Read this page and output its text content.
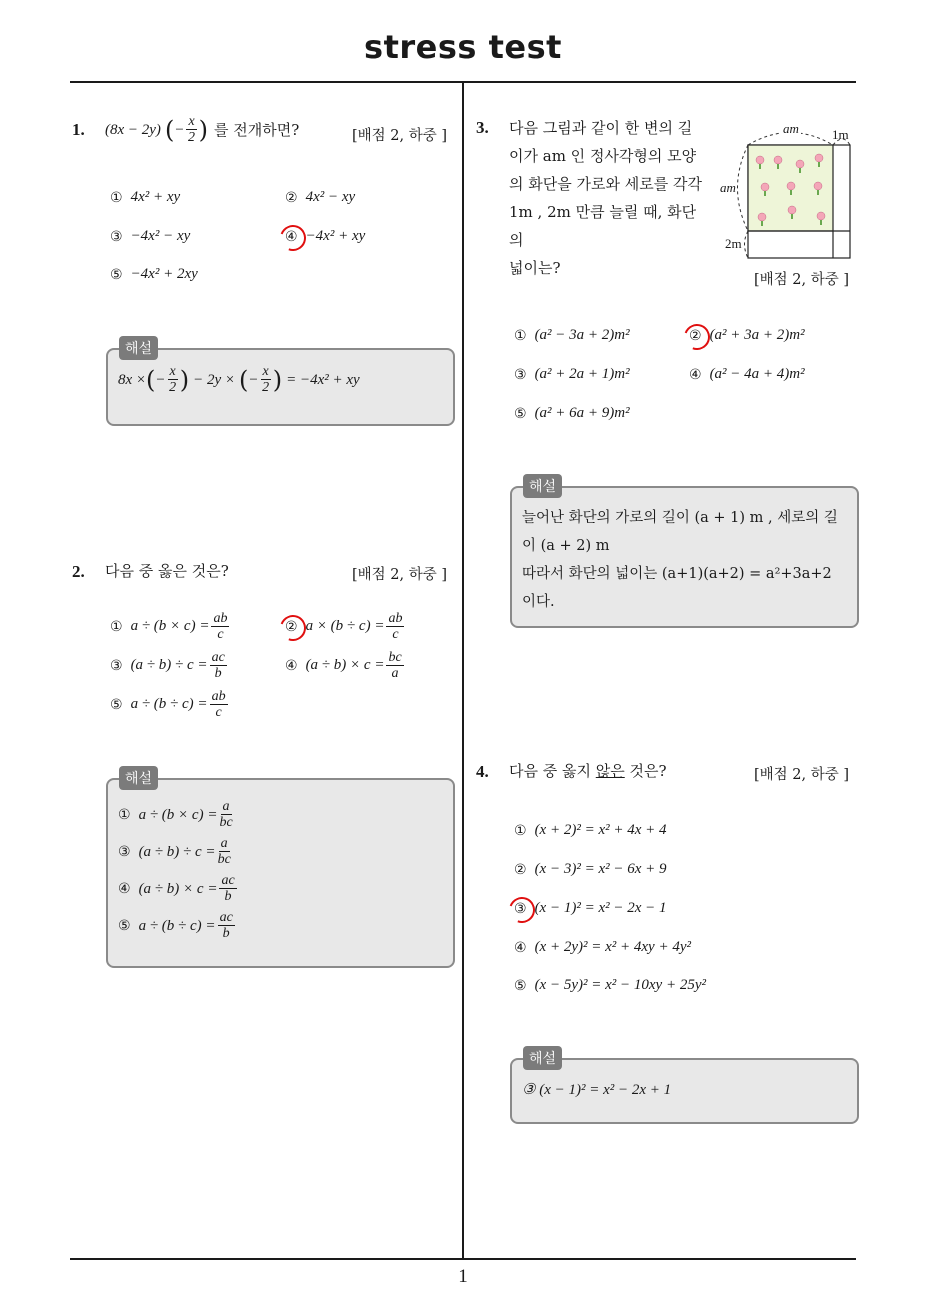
stress test
1
1. (8x − 2y) ( − $\frac{x}{2}$ ) 를 전개하면?	[배점 2, 하중 ]
① 4x² + xy	② 4x² − xy
③ −4x² − xy	④ −4x² + xy
⑤ −4x² + 2xy
해설
8x × ( − $\frac{x}{2}$ ) − 2y × ( − $\frac{x}{2}$ ) = −4x² + xy
2. 다음 중 옳은 것은?	[배점 2, 하중 ]
① $a \div (b \times c) = \frac{ab}{c}$	② $a \times (b \div c) = \frac{ab}{c}$
③ $(a \div b) \div c = \frac{ac}{b}$	④ $(a \div b) \times c = \frac{bc}{a}$
⑤ $a \div (b \div c) = \frac{ab}{c}$
해설
① $a \div (b \times c) = \frac{a}{bc}$
③ $(a \div b) \div c = \frac{a}{bc}$
④ $(a \div b) \times c = \frac{ac}{b}$
⑤ $a \div (b \div c) = \frac{ac}{b}$
3. 다음 그림과 같이 한 변의 길
이가 am 인 정사각형의 모양
의 화단을 가로와 세로를 각각
1m , 2m 만큼 늘릴 때, 화단의
넓이는?
am	1m
am
2m
[배점 2, 하중 ]
① (a² − 3a + 2)m²	② (a² + 3a + 2)m²
③ (a² + 2a + 1)m²	④ (a² − 4a + 4)m²
⑤ (a² + 6a + 9)m²
해설
늘어난 화단의 가로의 길이 (a + 1) m , 세로의 길
이 (a + 2) m
따라서 화단의 넓이는 (a+1)(a+2) = a²+3a+2
이다.
4. 다음 중 옳지 않은 것은?	[배점 2, 하중 ]
① (x + 2)² = x² + 4x + 4
② (x − 3)² = x² − 6x + 9
③ (x − 1)² = x² − 2x − 1
④ (x + 2y)² = x² + 4xy + 4y²
⑤ (x − 5y)² = x² − 10xy + 25y²
해설
③ (x − 1)² = x² − 2x + 1
